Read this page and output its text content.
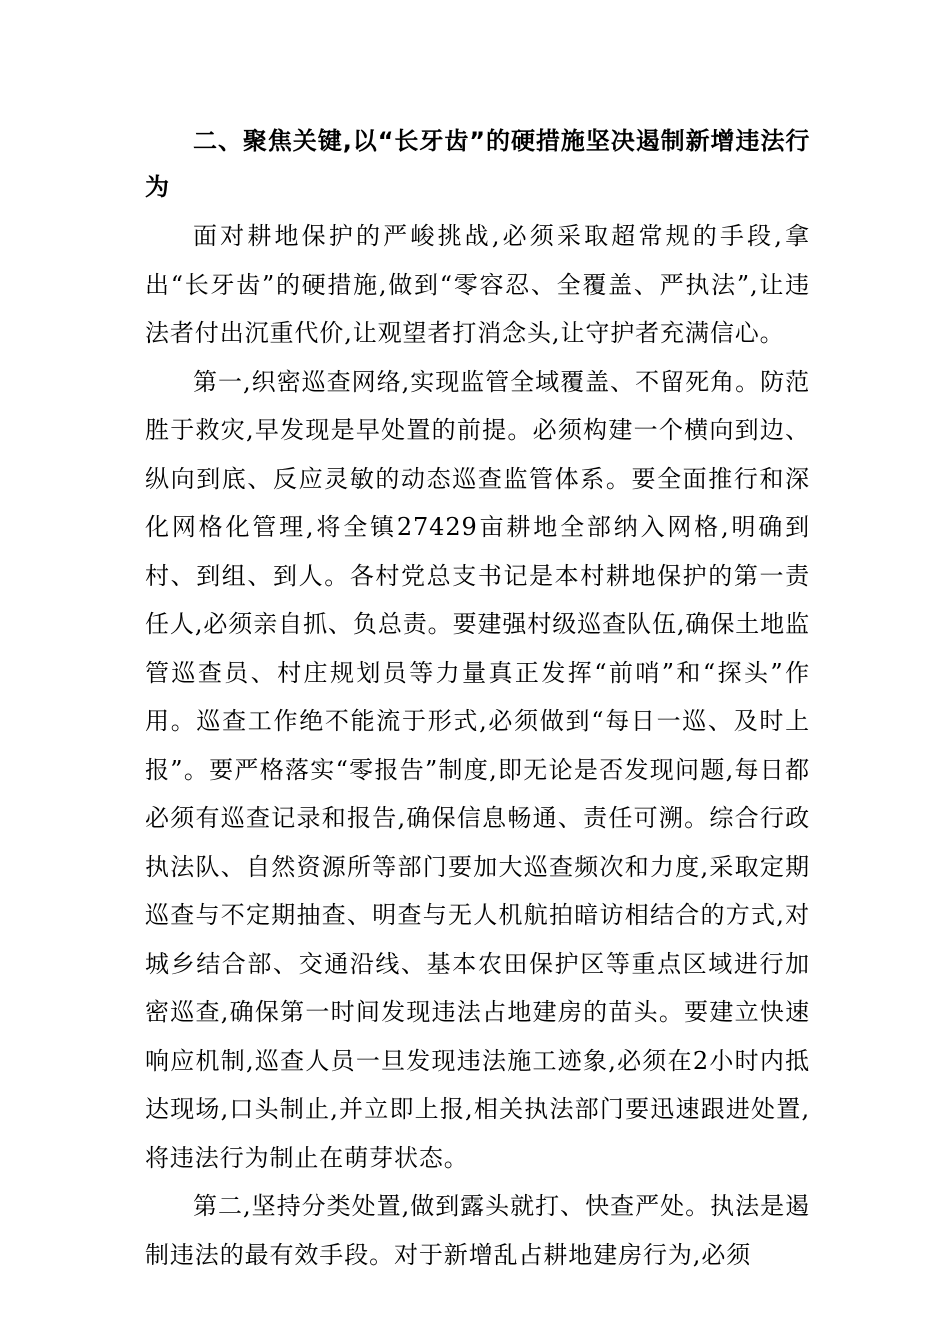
二、聚焦关键,以“长牙齿”的硬措施坚决遏制新增违法行为

面对耕地保护的严峻挑战,必须采取超常规的手段,拿出“长牙齿”的硬措施,做到“零容忍、全覆盖、严执法”,让违法者付出沉重代价,让观望者打消念头,让守护者充满信心。

第一,织密巡查网络,实现监管全域覆盖、不留死角。防范胜于救灾,早发现是早处置的前提。必须构建一个横向到边、纵向到底、反应灵敏的动态巡查监管体系。要全面推行和深化网格化管理,将全镇27429亩耕地全部纳入网格,明确到村、到组、到人。各村党总支书记是本村耕地保护的第一责任人,必须亲自抓、负总责。要建强村级巡查队伍,确保土地监管巡查员、村庄规划员等力量真正发挥“前哨”和“探头”作用。巡查工作绝不能流于形式,必须做到“每日一巡、及时上报”。要严格落实“零报告”制度,即无论是否发现问题,每日都必须有巡查记录和报告,确保信息畅通、责任可溯。综合行政执法队、自然资源所等部门要加大巡查频次和力度,采取定期巡查与不定期抽查、明查与无人机航拍暗访相结合的方式,对城乡结合部、交通沿线、基本农田保护区等重点区域进行加密巡查,确保第一时间发现违法占地建房的苗头。要建立快速响应机制,巡查人员一旦发现违法施工迹象,必须在2小时内抵达现场,口头制止,并立即上报,相关执法部门要迅速跟进处置,将违法行为制止在萌芽状态。

第二,坚持分类处置,做到露头就打、快查严处。执法是遏制违法的最有效手段。对于新增乱占耕地建房行为,必须
